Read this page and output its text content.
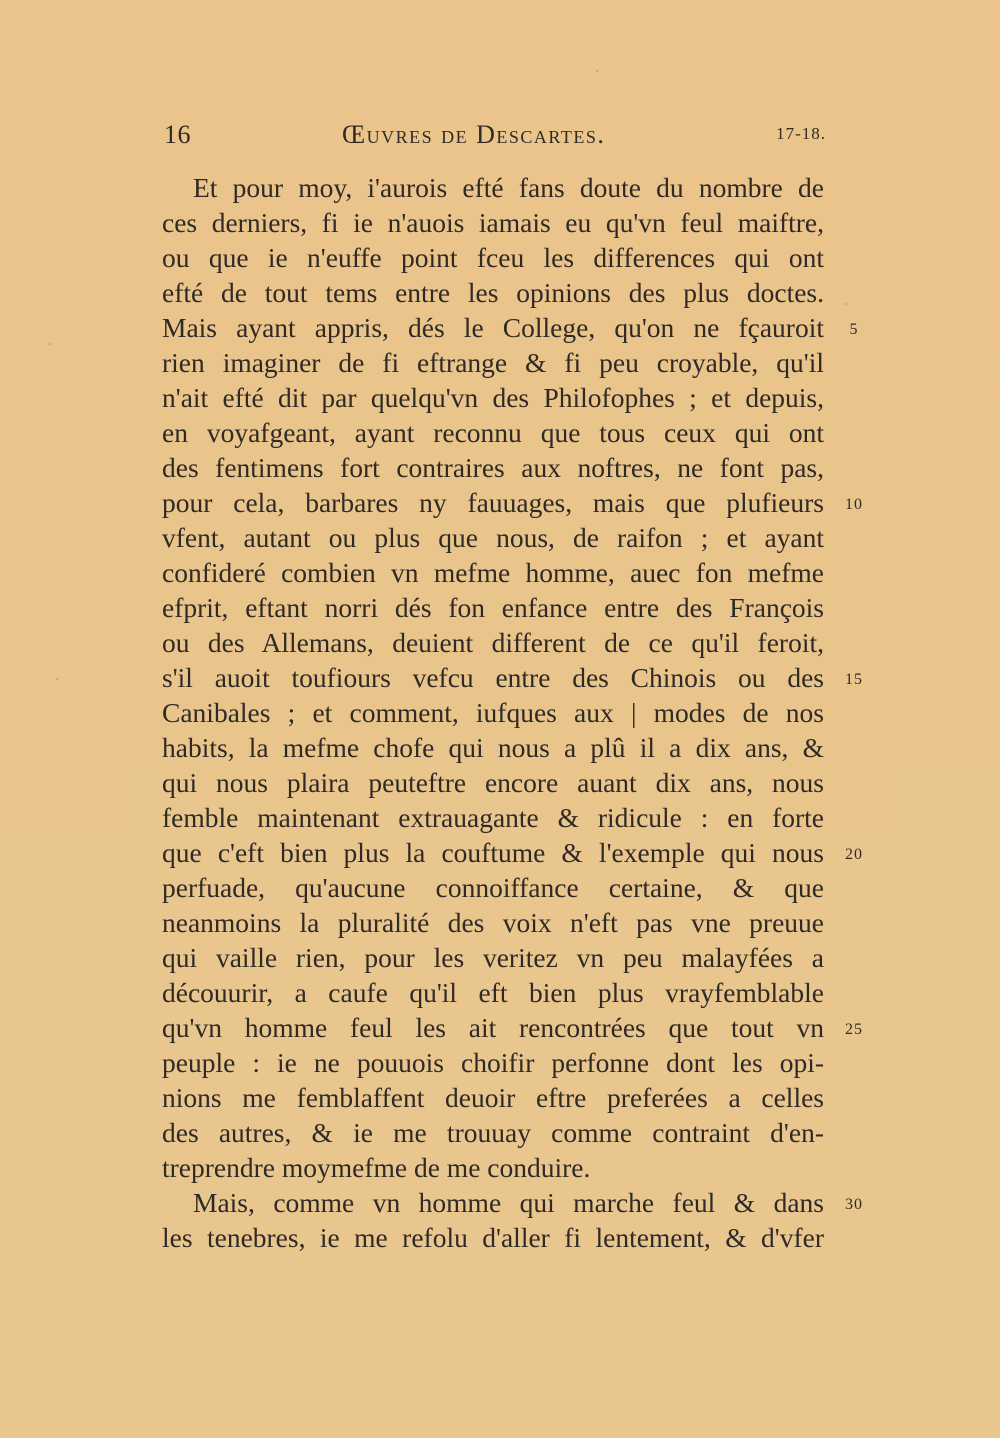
16	Œuvres de Descartes.	17-18.
Et pour moy, i'aurois efté fans doute du nombre de
ces derniers, fi ie n'auois iamais eu qu'vn feul maiftre,
ou que ie n'euffe point fceu les differences qui ont
efté de tout tems entre les opinions des plus doctes.
Mais ayant appris, dés le College, qu'on ne fçauroit
rien imaginer de fi eftrange & fi peu croyable, qu'il
n'ait efté dit par quelqu'vn des Philofophes ; et depuis,
en voyafgeant, ayant reconnu que tous ceux qui ont
des fentimens fort contraires aux noftres, ne font pas,
pour cela, barbares ny fauuages, mais que plufieurs
vfent, autant ou plus que nous, de raifon ; et ayant
confideré combien vn mefme homme, auec fon mefme
efprit, eftant norri dés fon enfance entre des François
ou des Allemans, deuient different de ce qu'il feroit,
s'il auoit toufiours vefcu entre des Chinois ou des
Canibales ; et comment, iufques aux | modes de nos
habits, la mefme chofe qui nous a plû il a dix ans, &
qui nous plaira peuteftre encore auant dix ans, nous
femble maintenant extrauagante & ridicule : en forte
que c'eft bien plus la couftume & l'exemple qui nous
perfuade, qu'aucune connoiffance certaine, & que
neanmoins la pluralité des voix n'eft pas vne preuue
qui vaille rien, pour les veritez vn peu malayfées a
découurir, a caufe qu'il eft bien plus vrayfemblable
qu'vn homme feul les ait rencontrées que tout vn
peuple : ie ne pouuois choifir perfonne dont les opi-
nions me femblaffent deuoir eftre preferées a celles
des autres, & ie me trouuay comme contraint d'en-
treprendre moymefme de me conduire.
Mais, comme vn homme qui marche feul & dans
les tenebres, ie me refolu d'aller fi lentement, & d'vfer
5
10
15
20
25
30
